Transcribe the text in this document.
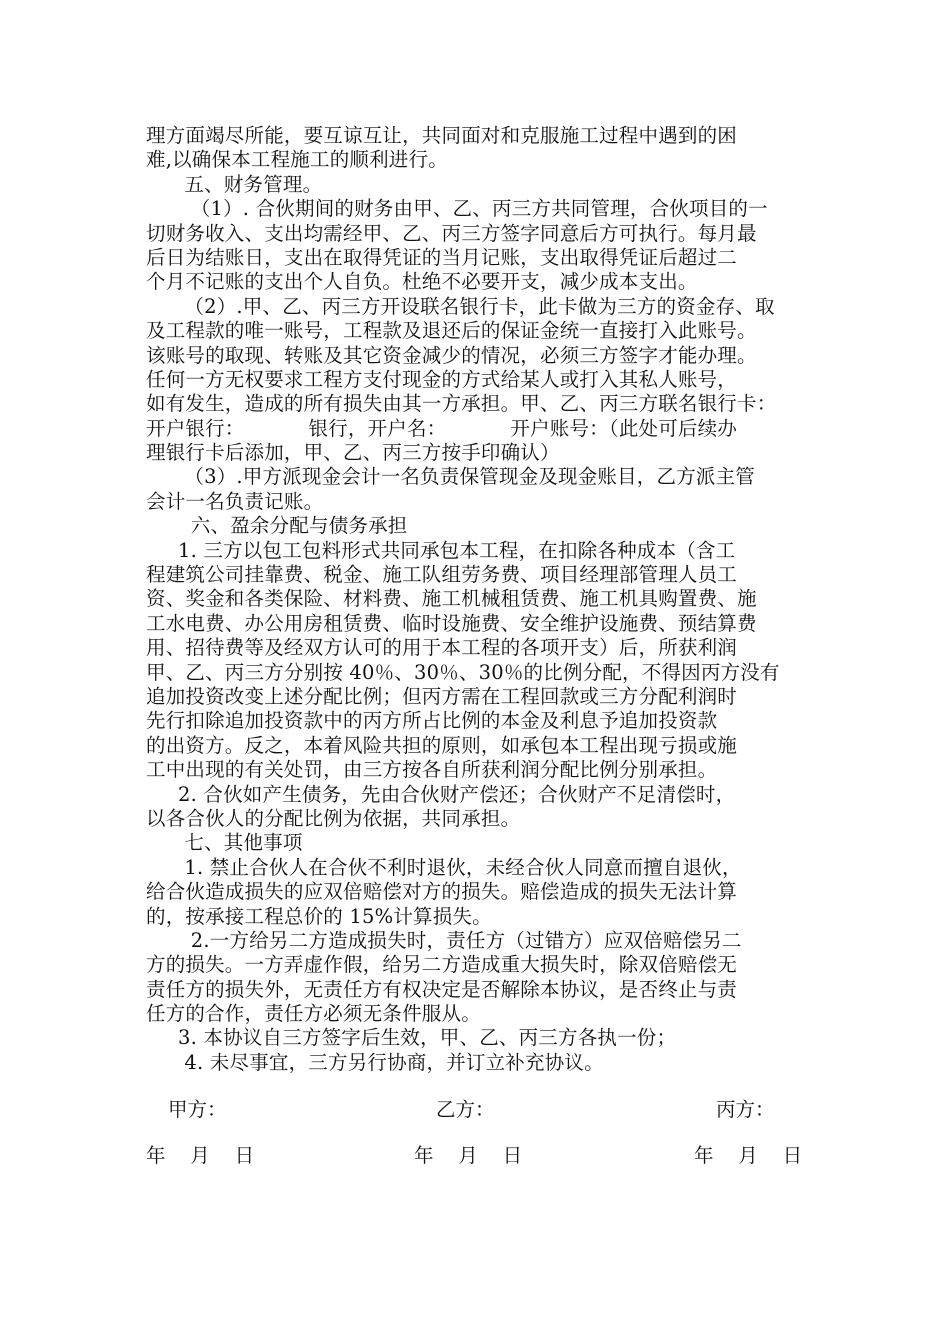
理方面竭尽所能，要互谅互让，共同面对和克服施工过程中遇到的困
难,以确保本工程施工的顺利进行。
五、财务管理。
（1）. 合伙期间的财务由甲、乙、丙三方共同管理，合伙项目的一
切财务收入、支出均需经甲、乙、丙三方签字同意后方可执行。每月最
后日为结账日，支出在取得凭证的当月记账，支出取得凭证后超过二
个月不记账的支出个人自负。杜绝不必要开支，减少成本支出。
（2）.甲、乙、丙三方开设联名银行卡，此卡做为三方的资金存、取
及工程款的唯一账号，工程款及退还后的保证金统一直接打入此账号。
该账号的取现、转账及其它资金减少的情况，必须三方签字才能办理。
任何一方无权要求工程方支付现金的方式给某人或打入其私人账号，
如有发生，造成的所有损失由其一方承担。甲、乙、丙三方联名银行卡：
开户银行：          银行，开户名：          开户账号：（此处可后续办
理银行卡后添加，甲、乙、丙三方按手印确认）
（3）.甲方派现金会计一名负责保管现金及现金账目，乙方派主管
会计一名负责记账。
六、盈余分配与债务承担
1. 三方以包工包料形式共同承包本工程，在扣除各种成本（含工
程建筑公司挂靠费、税金、施工队组劳务费、项目经理部管理人员工
资、奖金和各类保险、材料费、施工机械租赁费、施工机具购置费、施
工水电费、办公用房租赁费、临时设施费、安全维护设施费、预结算费
用、招待费等及经双方认可的用于本工程的各项开支）后，所获利润
甲、乙、丙三方分别按 40％、30％、30％的比例分配，不得因丙方没有
追加投资改变上述分配比例；但丙方需在工程回款或三方分配利润时
先行扣除追加投资款中的丙方所占比例的本金及利息予追加投资款
的出资方。反之，本着风险共担的原则，如承包本工程出现亏损或施
工中出现的有关处罚，由三方按各自所获利润分配比例分别承担。
2. 合伙如产生债务，先由合伙财产偿还；合伙财产不足清偿时，
以各合伙人的分配比例为依据，共同承担。
七、其他事项
1. 禁止合伙人在合伙不利时退伙，未经合伙人同意而擅自退伙，
给合伙造成损失的应双倍赔偿对方的损失。赔偿造成的损失无法计算
的，按承接工程总价的 15%计算损失。
2.一方给另二方造成损失时，责任方（过错方）应双倍赔偿另二
方的损失。一方弄虚作假，给另二方造成重大损失时，除双倍赔偿无
责任方的损失外，无责任方有权决定是否解除本协议，是否终止与责
任方的合作，责任方必须无条件服从。
3. 本协议自三方签字后生效，甲、乙、丙三方各执一份；
4. 未尽事宜，三方另行协商，并订立补充协议。
甲方：	乙方：	丙方：
年    月    日	年    月    日	年    月    日
